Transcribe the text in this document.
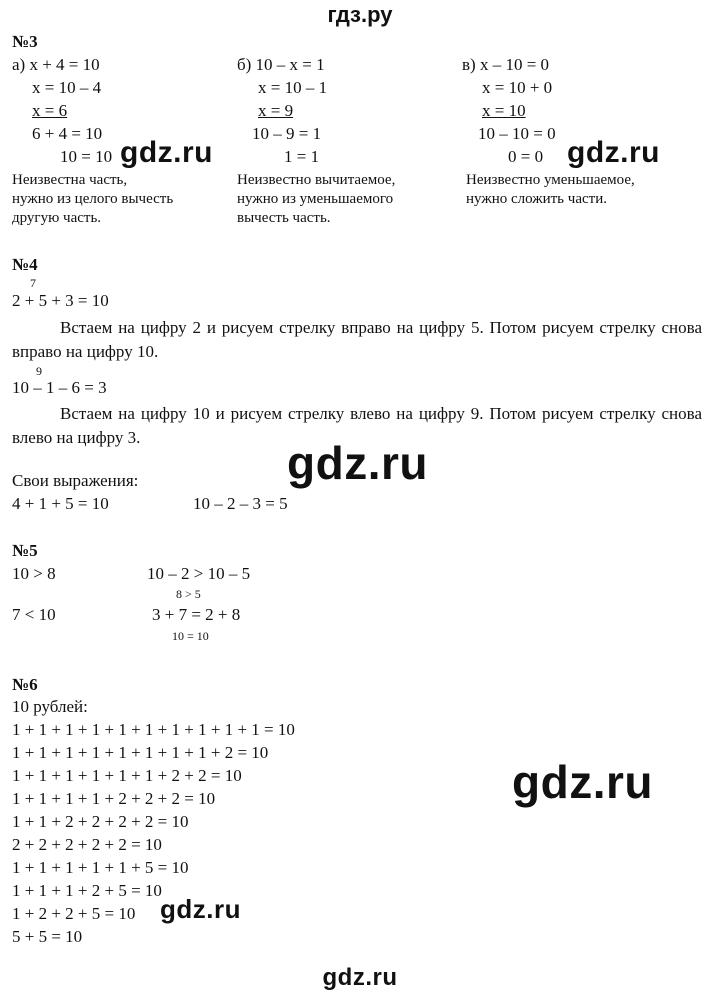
гдз.ру
№3
а) x + 4 = 10
x = 10 – 4
x = 6
6 + 4 = 10
10 = 10
Неизвестна часть,
нужно из целого вычесть
другую часть.
б) 10 – x = 1
x = 10 – 1
x = 9
10 – 9 = 1
1 = 1
Неизвестно вычитаемое,
нужно из уменьшаемого
вычесть часть.
в) x – 10 = 0
x = 10 + 0
x = 10
10 – 10 = 0
0 = 0
Неизвестно уменьшаемое,
нужно сложить части.
№4
7
2 + 5 + 3 = 10
Встаем на цифру 2 и рисуем стрелку вправо на цифру 5. Потом рисуем стрелку снова вправо на цифру 10.
9
10 – 1 – 6 = 3
Встаем на цифру 10 и рисуем стрелку влево на цифру 9. Потом рисуем стрелку снова влево на цифру 3.
Свои выражения:
4 + 1 + 5 = 10	10 – 2 – 3 = 5
№5
10 > 8	10 – 2 > 10 – 5
8 > 5
7 < 10	3 + 7 = 2 + 8
10 = 10
№6
10 рублей:
1 + 1 + 1 + 1 + 1 + 1 + 1 + 1 + 1 + 1 = 10
1 + 1 + 1 + 1 + 1 + 1 + 1 + 1 + 2 = 10
1 + 1 + 1 + 1 + 1 + 1 + 2 + 2 = 10
1 + 1 + 1 + 1 + 2 + 2 + 2 = 10
1 + 1 + 2 + 2 + 2 + 2 = 10
2 + 2 + 2 + 2 + 2 = 10
1 + 1 + 1 + 1 + 1 + 5 = 10
1 + 1 + 1 + 2 + 5 = 10
1 + 2 + 2 + 5 = 10
5 + 5 = 10
gdz.ru	gdz.ru
gdz.ru
gdz.ru
gdz.ru
gdz.ru
